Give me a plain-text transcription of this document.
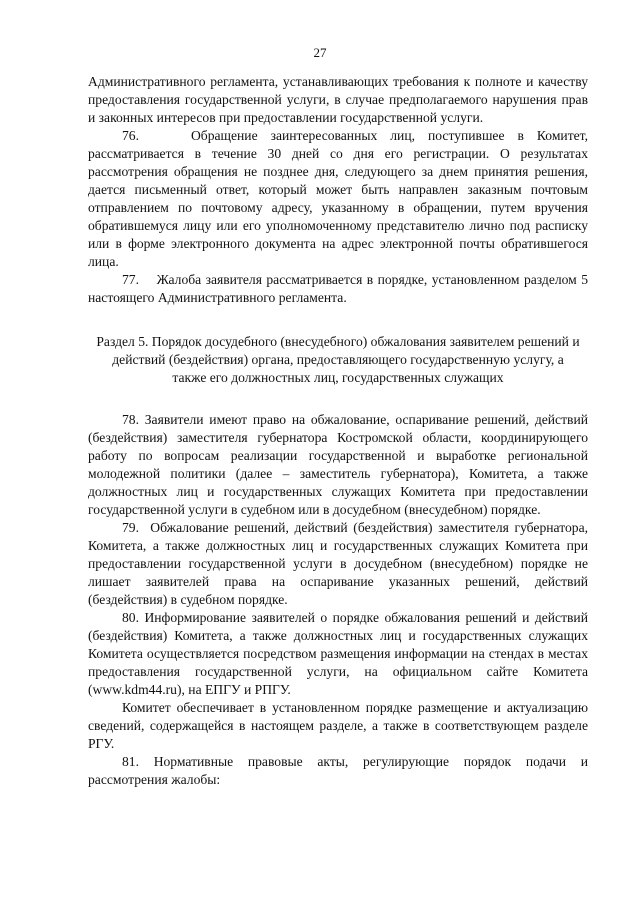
27

Административного регламента, устанавливающих требования к полноте и качеству предоставления государственной услуги, в случае предполагаемого нарушения прав и законных интересов при предоставлении государственной услуги.

76.    Обращение заинтересованных лиц, поступившее в Комитет, рассматривается в течение 30 дней со дня его регистрации. О результатах рассмотрения обращения не позднее дня, следующего за днем принятия решения, дается письменный ответ, который может быть направлен заказным почтовым отправлением по почтовому адресу, указанному в обращении, путем вручения обратившемуся лицу или его уполномоченному представителю лично под расписку или в форме электронного документа на адрес электронной почты обратившегося лица.

77.    Жалоба заявителя рассматривается в порядке, установленном разделом 5 настоящего Административного регламента.

Раздел 5. Порядок досудебного (внесудебного) обжалования заявителем решений и действий (бездействия) органа, предоставляющего государственную услугу, а также его должностных лиц, государственных служащих

78. Заявители имеют право на обжалование, оспаривание решений, действий (бездействия) заместителя губернатора Костромской области, координирующего работу по вопросам реализации государственной и выработке региональной молодежной политики (далее – заместитель губернатора), Комитета, а также должностных лиц и государственных служащих Комитета при предоставлении государственной услуги в судебном или в досудебном (внесудебном) порядке.

79.  Обжалование решений, действий (бездействия) заместителя губернатора, Комитета, а также должностных лиц и государственных служащих Комитета при предоставлении государственной услуги в досудебном (внесудебном) порядке не лишает заявителей права на оспаривание указанных решений, действий (бездействия) в судебном порядке.

80. Информирование заявителей о порядке обжалования решений и действий (бездействия) Комитета, а также должностных лиц и государственных служащих Комитета осуществляется посредством размещения информации на стендах в местах предоставления государственной услуги, на официальном сайте Комитета (www.kdm44.ru), на ЕПГУ и РПГУ.

Комитет обеспечивает в установленном порядке размещение и актуализацию сведений, содержащейся в настоящем разделе, а также в соответствующем разделе РГУ.

81. Нормативные правовые акты, регулирующие порядок подачи и рассмотрения жалобы:
